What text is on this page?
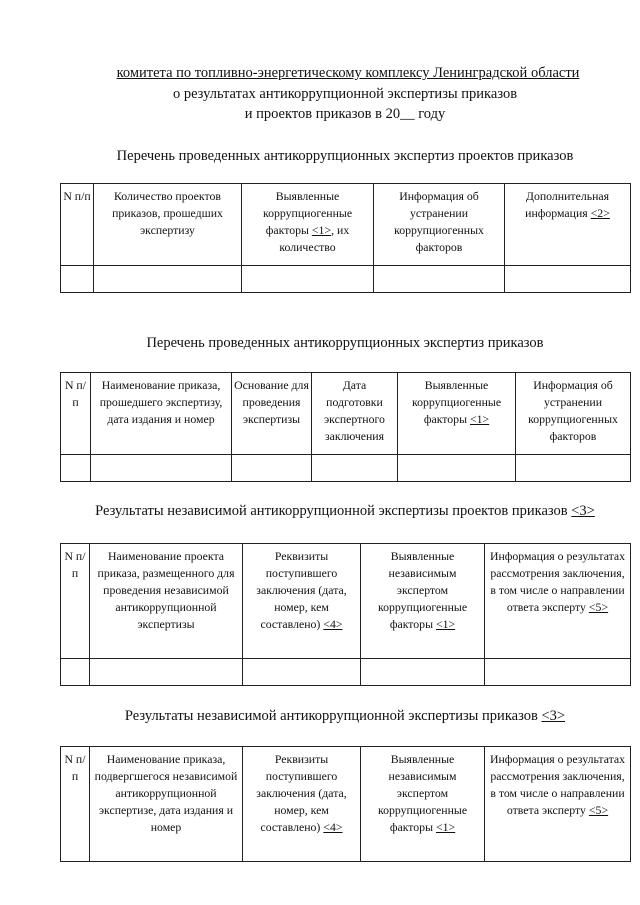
комитета по топливно-энергетическому комплексу Ленинградской области
о результатах антикоррупционной экспертизы приказов
и проектов приказов в 20__ году
Перечень проведенных антикоррупционных экспертиз проектов приказов
N п/п	Количество проектов приказов, прошедших экспертизу	Выявленные коррупциогенные факторы <1>, их количество	Информация об устранении коррупциогенных факторов	Дополнительная информация <2>

Перечень проведенных антикоррупционных экспертиз приказов
N п/п	Наименование приказа, прошедшего экспертизу, дата издания и номер	Основание для проведения экспертизы	Дата подготовки экспертного заключения	Выявленные коррупциогенные факторы <1>	Информация об устранении коррупциогенных факторов

Результаты независимой антикоррупционной экспертизы проектов приказов <3>
N п/п	Наименование проекта приказа, размещенного для проведения независимой антикоррупционной экспертизы	Реквизиты поступившего заключения (дата, номер, кем составлено) <4>	Выявленные независимым экспертом коррупциогенные факторы <1>	Информация о результатах рассмотрения заключения, в том числе о направлении ответа эксперту <5>

Результаты независимой антикоррупционной экспертизы приказов <3>
N п/п	Наименование приказа, подвергшегося независимой антикоррупционной экспертизе, дата издания и номер	Реквизиты поступившего заключения (дата, номер, кем составлено) <4>	Выявленные независимым экспертом коррупциогенные факторы <1>	Информация о результатах рассмотрения заключения, в том числе о направлении ответа эксперту <5>
